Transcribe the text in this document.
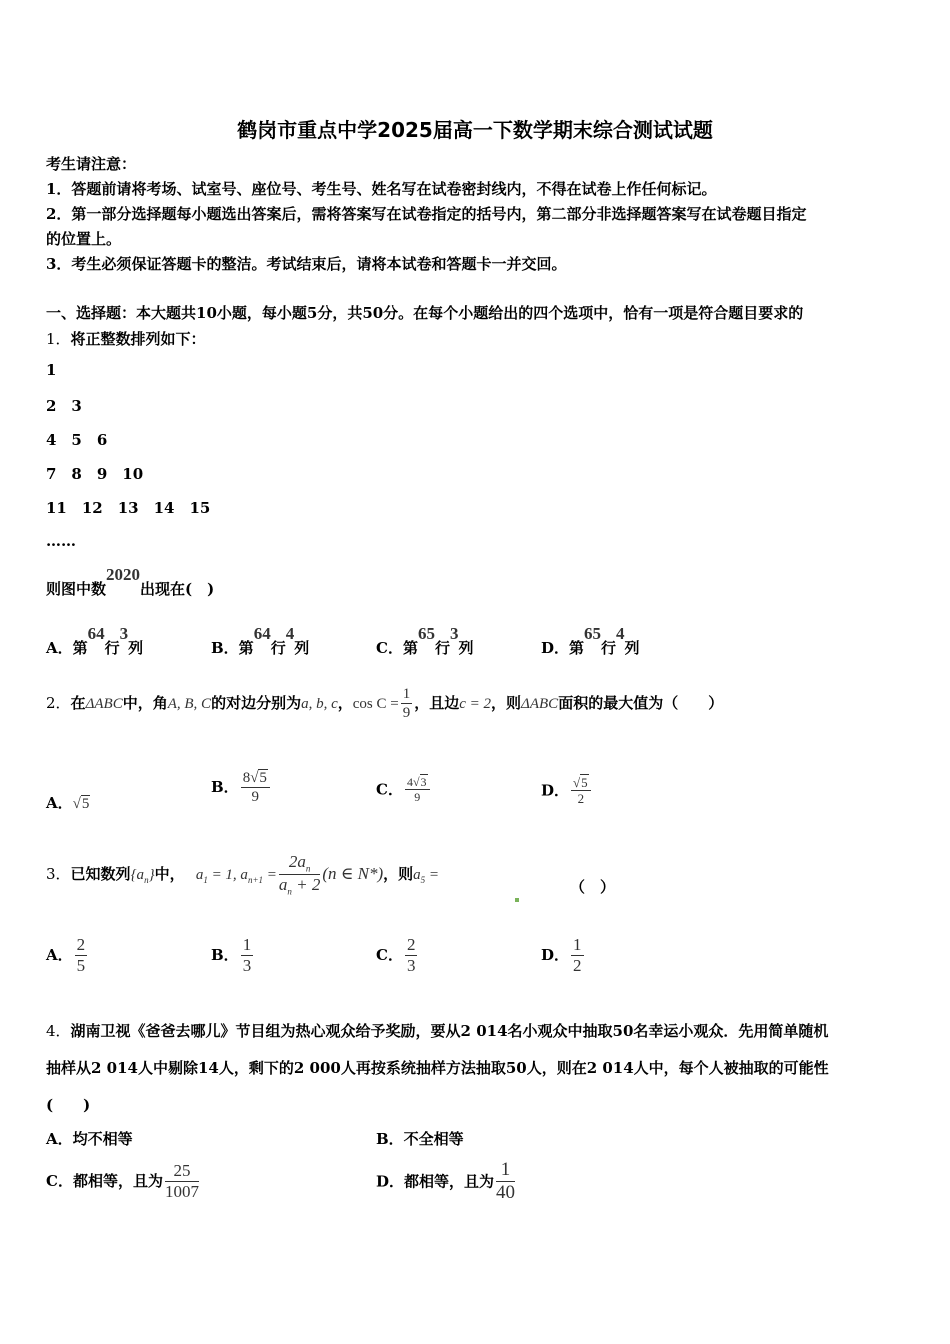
鹤岗市重点中学2025届高一下数学期末综合测试试题
考生请注意：
1．答题前请将考场、试室号、座位号、考生号、姓名写在试卷密封线内，不得在试卷上作任何标记。
2．第一部分选择题每小题选出答案后，需将答案写在试卷指定的括号内，第二部分非选择题答案写在试卷题目指定
的位置上。
3．考生必须保证答题卡的整洁。考试结束后，请将本试卷和答题卡一并交回。
一、选择题：本大题共10小题，每小题5分，共50分。在每个小题给出的四个选项中，恰有一项是符合题目要求的
1．将正整数排列如下：
1
2　3
4　5　6
7　8　9　10
11　12　13　14　15
……
则图中数2020出现在(　)
A．第64行3列	B．第64行4列	C．第65行3列	D．第65行4列
2．在ΔABC中，角A, B, C的对边分别为a, b, c，$\cos C = \frac{1}{9}$ ，且边c = 2，则ΔABC面积的最大值为（　　）
A．√5
B． $\frac{8√5}{9}$	C． $\frac{4√3}{9}$	D． $\frac{√5}{2}$
3．已知数列$\{a_n\}$中， $a_1 = 1$, $a_{n+1} = \frac{2a_n}{a_n + 2} (n$ ∈ N*)，则$a_5$ =
（　）
A． $\frac{2}{5}$	B． $\frac{1}{3}$	C． $\frac{2}{3}$	D． $\frac{1}{2}$
4．湖南卫视《爸爸去哪儿》节目组为热心观众给予奖励，要从2 014名小观众中抽取50名幸运小观众．先用简单随机
抽样从2 014人中剔除14人，剩下的2 000人再按系统抽样方法抽取50人，则在2 014人中，每个人被抽取的可能性
(　　)
A．均不相等	B．不全相等
C．都相等，且为 $\frac{25}{1007}$	D．都相等，且为 $\frac{1}{40}$
